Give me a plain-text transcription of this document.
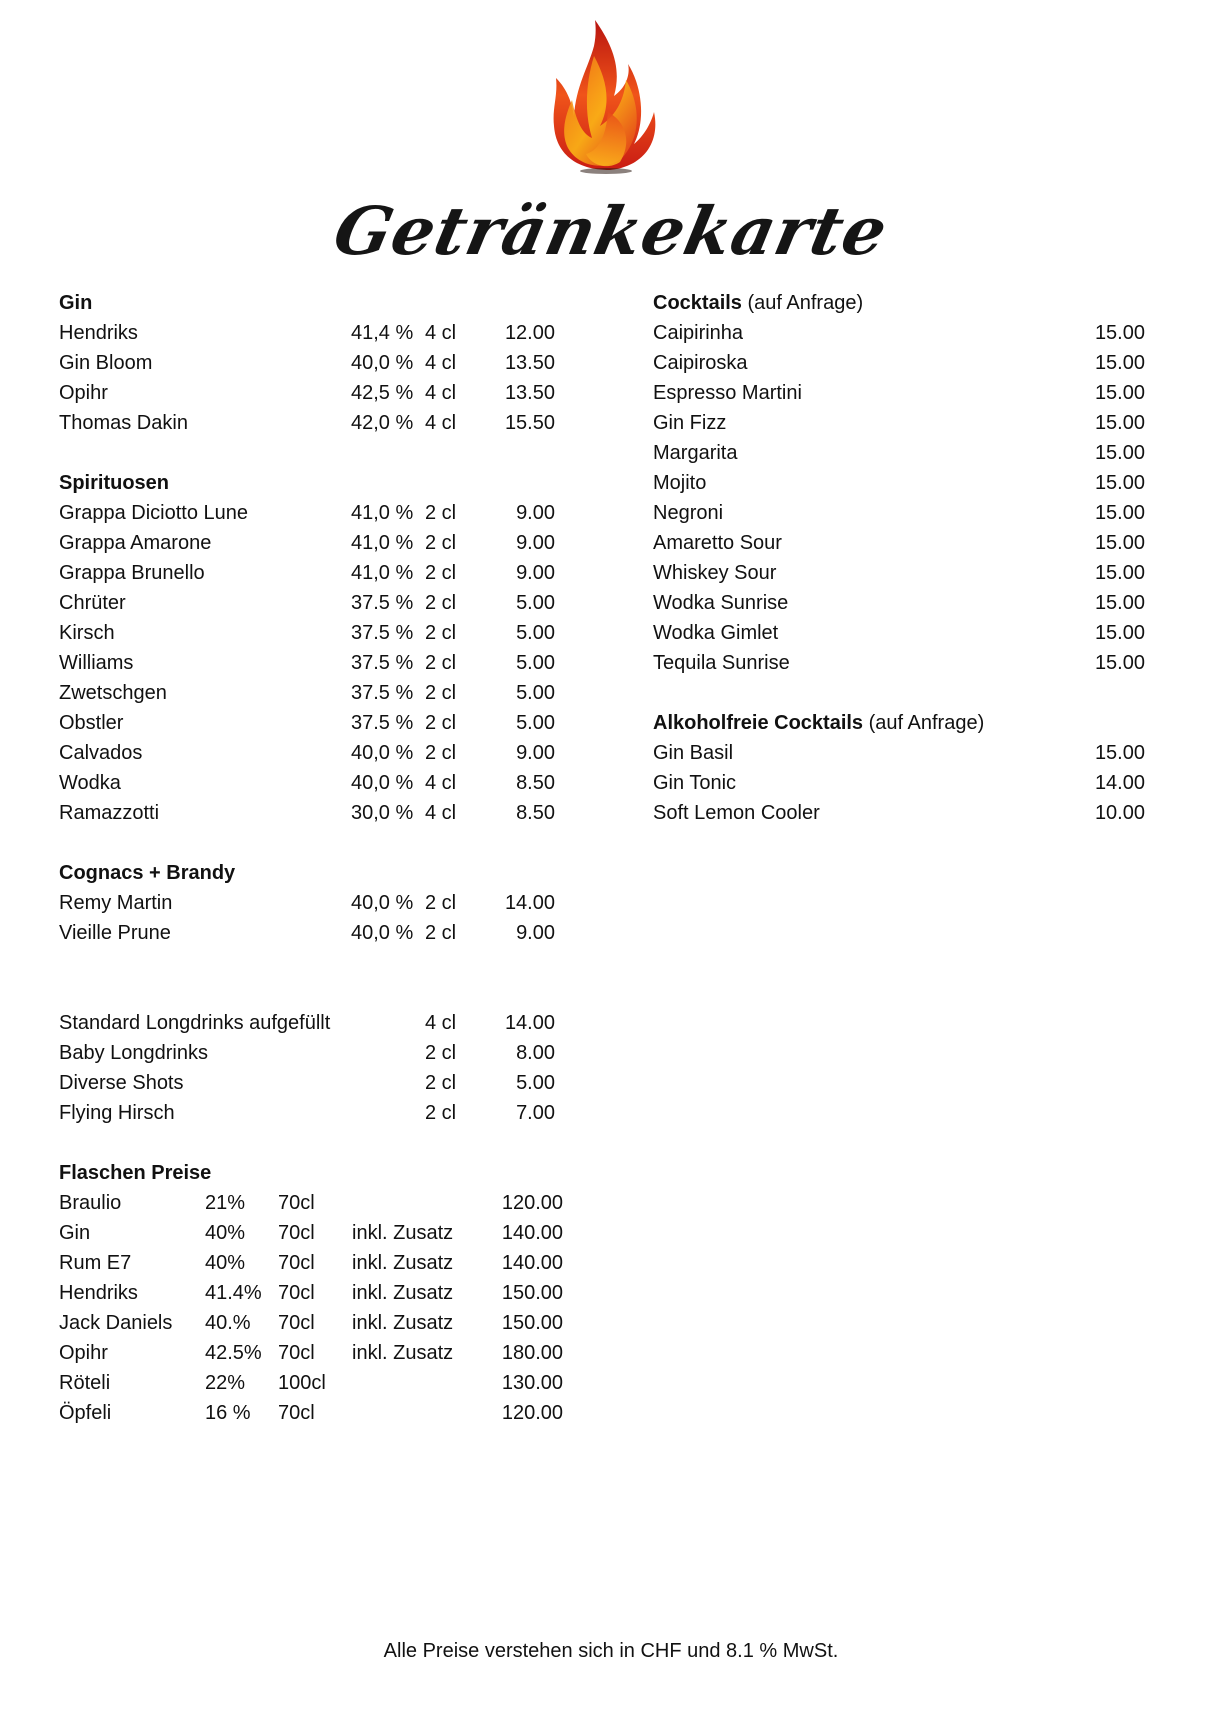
Getränkekarte
Gin
Hendriks	41,4 % 4 cl	12.00
Gin Bloom	40,0 % 4 cl	13.50
Opihr	42,5 % 4 cl	13.50
Thomas Dakin	42,0 % 4 cl	15.50
Spirituosen
Grappa Diciotto Lune	41,0 % 2 cl	9.00
Grappa Amarone	41,0 % 2 cl	9.00
Grappa Brunello	41,0 % 2 cl	9.00
Chrüter	37.5 % 2 cl	5.00
Kirsch	37.5 % 2 cl	5.00
Williams	37.5 % 2 cl	5.00
Zwetschgen	37.5 % 2 cl	5.00
Obstler	37.5 % 2 cl	5.00
Calvados	40,0 % 2 cl	9.00
Wodka	40,0 % 4 cl	8.50
Ramazzotti	30,0 % 4 cl	8.50
Cognacs + Brandy
Remy Martin	40,0 % 2 cl	14.00
Vieille Prune	40,0 % 2 cl	9.00
Standard Longdrinks aufgefüllt	4 cl	14.00
Baby Longdrinks	2 cl	8.00
Diverse Shots	2 cl	5.00
Flying Hirsch	2 cl	7.00
Flaschen Preise
Braulio	21% 70cl	120.00
Gin	40% 70cl inkl. Zusatz	140.00
Rum E7	40% 70cl inkl. Zusatz	140.00
Hendriks	41.4% 70cl inkl. Zusatz	150.00
Jack Daniels 40.% 70cl inkl. Zusatz	150.00
Opihr	42.5% 70cl inkl. Zusatz	180.00
Röteli	22% 100cl	130.00
Öpfeli	16 % 70cl	120.00
Cocktails (auf Anfrage)
Caipirinha	15.00
Caipiroska	15.00
Espresso Martini	15.00
Gin Fizz	15.00
Margarita	15.00
Mojito	15.00
Negroni	15.00
Amaretto Sour	15.00
Whiskey Sour	15.00
Wodka Sunrise	15.00
Wodka Gimlet	15.00
Tequila Sunrise	15.00
Alkoholfreie Cocktails (auf Anfrage)
Gin Basil	15.00
Gin Tonic	14.00
Soft Lemon Cooler	10.00
Alle Preise verstehen sich in CHF und 8.1 % MwSt.
